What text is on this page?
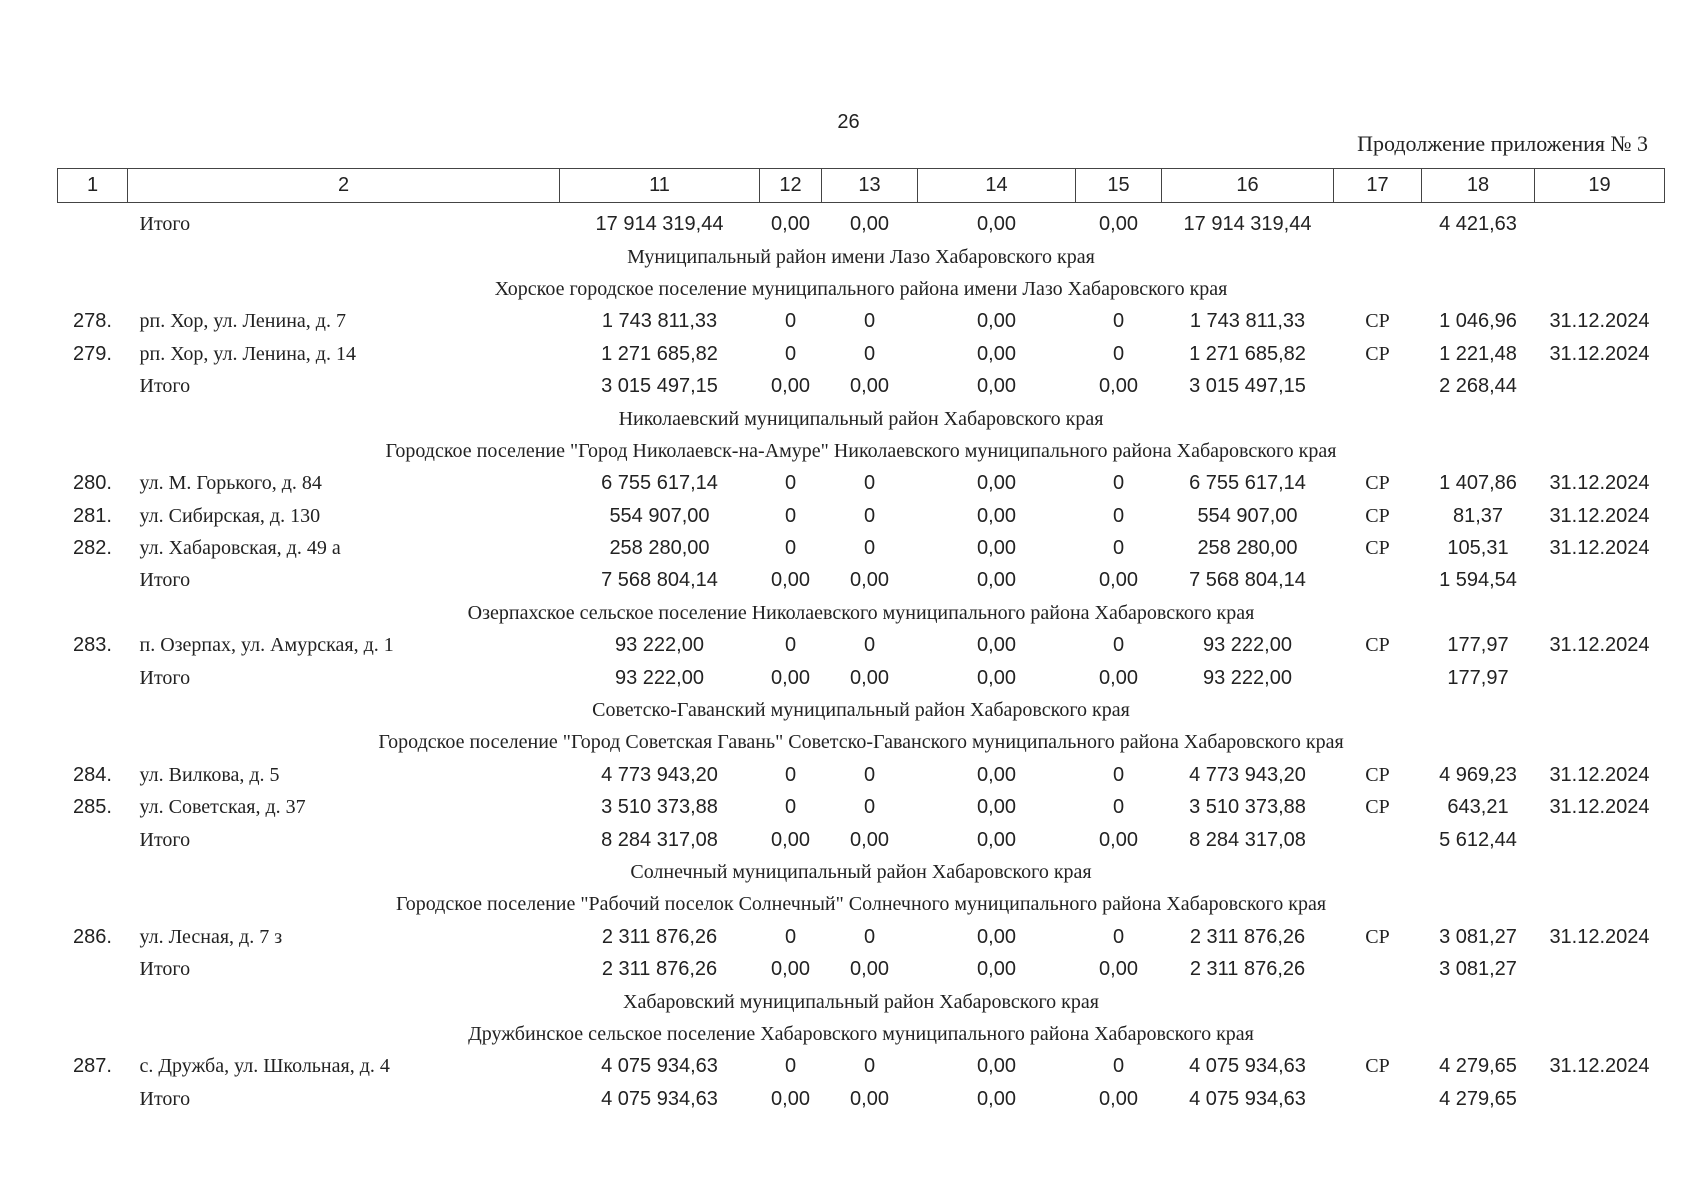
26
Продолжение приложения № 3
1	2	11	12	13	14	15	16	17	18	19

	Итого	17 914 319,44	0,00	0,00	0,00	0,00	17 914 319,44		4 421,63	
Муниципальный район имени Лазо Хабаровского края										
Хорское городское поселение муниципального района имени Лазо Хабаровского края										
278.	рп. Хор, ул. Ленина, д. 7	1 743 811,33	0	0	0,00	0	1 743 811,33	СР	1 046,96	31.12.2024
279.	рп. Хор, ул. Ленина, д. 14	1 271 685,82	0	0	0,00	0	1 271 685,82	СР	1 221,48	31.12.2024
	Итого	3 015 497,15	0,00	0,00	0,00	0,00	3 015 497,15		2 268,44	
Николаевский муниципальный район Хабаровского края										
Городское поселение "Город Николаевск-на-Амуре" Николаевского муниципального района Хабаровского края										
280.	ул. М. Горького, д. 84	6 755 617,14	0	0	0,00	0	6 755 617,14	СР	1 407,86	31.12.2024
281.	ул. Сибирская, д. 130	554 907,00	0	0	0,00	0	554 907,00	СР	81,37	31.12.2024
282.	ул. Хабаровская, д. 49 а	258 280,00	0	0	0,00	0	258 280,00	СР	105,31	31.12.2024
	Итого	7 568 804,14	0,00	0,00	0,00	0,00	7 568 804,14		1 594,54	
Озерпахское сельское поселение Николаевского муниципального района Хабаровского края										
283.	п. Озерпах, ул. Амурская, д. 1	93 222,00	0	0	0,00	0	93 222,00	СР	177,97	31.12.2024
	Итого	93 222,00	0,00	0,00	0,00	0,00	93 222,00		177,97	
Советско-Гаванский муниципальный район Хабаровского края										
Городское поселение "Город Советская Гавань" Советско-Гаванского муниципального района Хабаровского края										
284.	ул. Вилкова, д. 5	4 773 943,20	0	0	0,00	0	4 773 943,20	СР	4 969,23	31.12.2024
285.	ул. Советская, д. 37	3 510 373,88	0	0	0,00	0	3 510 373,88	СР	643,21	31.12.2024
	Итого	8 284 317,08	0,00	0,00	0,00	0,00	8 284 317,08		5 612,44	
Солнечный муниципальный район Хабаровского края										
Городское поселение "Рабочий поселок Солнечный" Солнечного муниципального района Хабаровского края										
286.	ул. Лесная, д. 7 з	2 311 876,26	0	0	0,00	0	2 311 876,26	СР	3 081,27	31.12.2024
	Итого	2 311 876,26	0,00	0,00	0,00	0,00	2 311 876,26		3 081,27	
Хабаровский муниципальный район Хабаровского края										
Дружбинское сельское поселение Хабаровского муниципального района Хабаровского края										
287.	с. Дружба, ул. Школьная, д. 4	4 075 934,63	0	0	0,00	0	4 075 934,63	СР	4 279,65	31.12.2024
	Итого	4 075 934,63	0,00	0,00	0,00	0,00	4 075 934,63		4 279,65	
